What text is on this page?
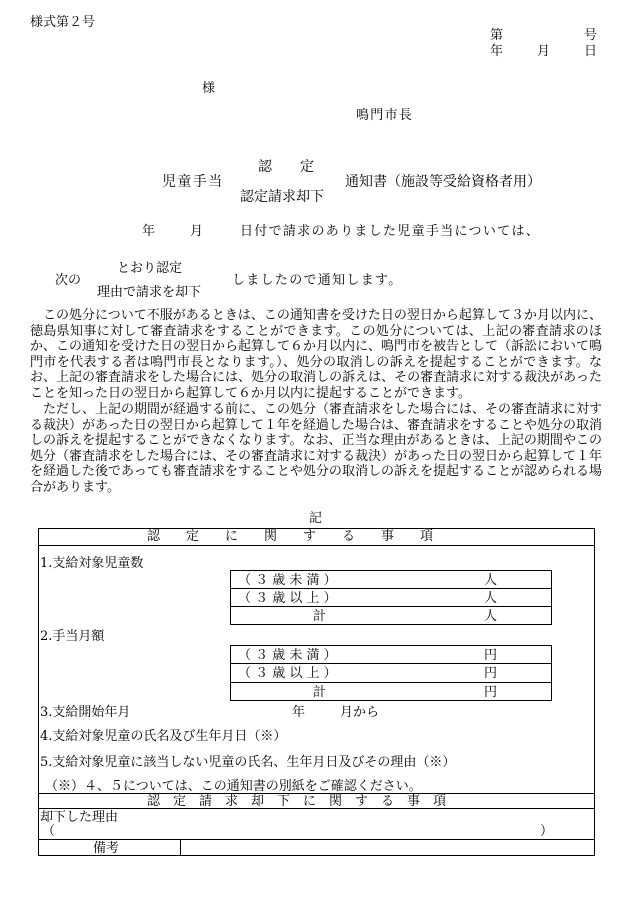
様式第２号
第	号
年	月	日
様
鳴門市長
認　　定
児童手当	通知書（施設等受給資格者用）
認定請求却下
年	月	日付で請求のありました児童手当については、
とおり認定
次の	しましたので通知します。
理由で請求を却下

この処分について不服があるときは、この通知書を受けた日の翌日から起算して３か月以内に、徳島県知事に対して審査請求をすることができます。この処分については、上記の審査請求のほか、この通知を受けた日の翌日から起算して６か月以内に、鳴門市を被告として（訴訟において鳴門市を代表する者は鳴門市長となります。）、処分の取消しの訴えを提起することができます。なお、上記の審査請求をした場合には、処分の取消しの訴えは、その審査請求に対する裁決があったことを知った日の翌日から起算して６か月以内に提起することができます。

ただし、上記の期間が経過する前に、この処分（審査請求をした場合には、その審査請求に対する裁決）があった日の翌日から起算して１年を経過した場合は、審査請求をすることや処分の取消しの訴えを提起することができなくなります。なお、正当な理由があるときは、上記の期間やこの処分（審査請求をした場合には、その審査請求に対する裁決）があった日の翌日から起算して１年を経過した後であっても審査請求をすることや処分の取消しの訴えを提起することが認められる場合があります。

記
認　　定　　に　　関　　す　　る　　事　　項
1.支給対象児童数
（ ３ 歳 未 満 ）	人
（ ３ 歳 以 上 ）	人
計	人
2.手当月額
（ ３ 歳 未 満 ）	円
（ ３ 歳 以 上 ）	円
計	円
3.支給開始年月	年	月から
4.支給対象児童の氏名及び生年月日（※）
5.支給対象児童に該当しない児童の氏名、生年月日及びその理由（※）
（※）４、５については、この通知書の別紙をご確認ください。
認　定　請　求　却　下　に　関　す　る　事　項
却下した理由
（	）
備考
